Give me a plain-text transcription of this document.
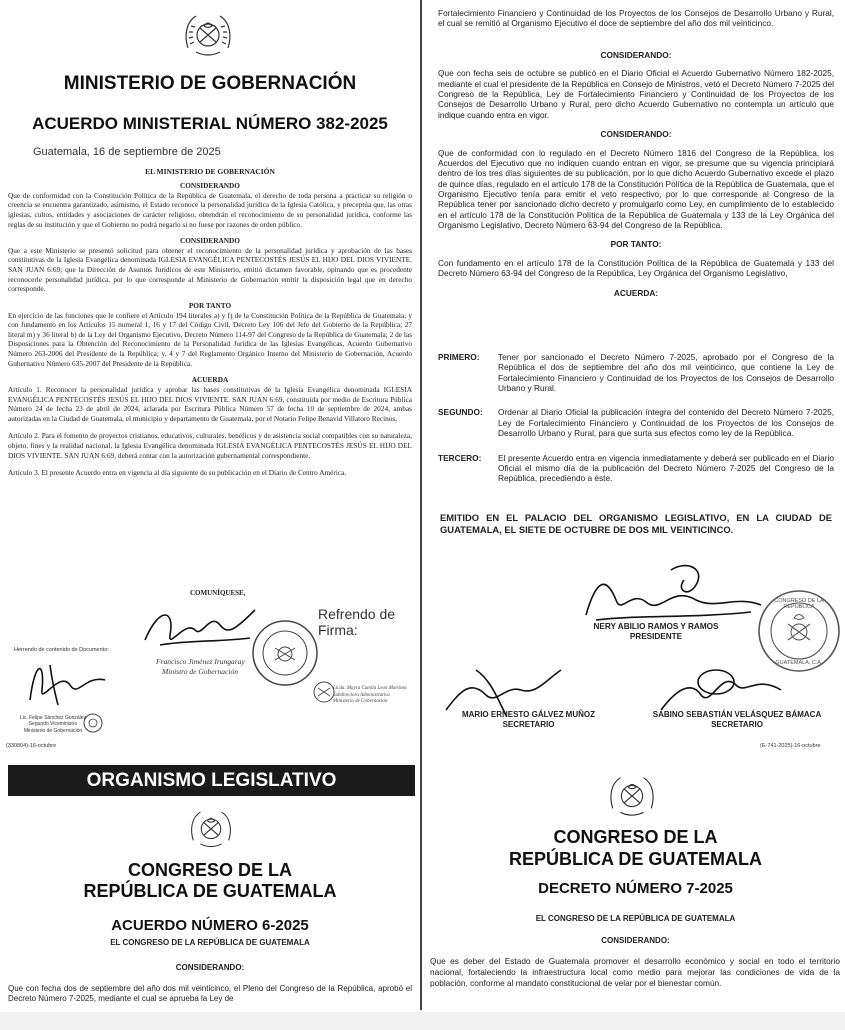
MINISTERIO DE GOBERNACIÓN
ACUERDO MINISTERIAL NÚMERO 382-2025
Guatemala, 16 de septiembre de 2025
EL MINISTERIO DE GOBERNACIÓN

CONSIDERANDO

Que de conformidad con la Constitución Política de la República de Guatemala, el derecho de toda persona a practicar su religión o creencia se encuentra garantizado, asimismo, el Estado reconoce la personalidad jurídica de la Iglesia Católica, y preceptúa que, las otras iglesias, cultos, entidades y asociaciones de carácter religioso, obtendrán el reconocimiento de su personalidad jurídica, conforme las reglas de su institución y que el Gobierno no podrá negarlo si no fuese por razones de orden público.

CONSIDERANDO

Que a este Ministerio se presentó solicitud para obtener el reconocimiento de la personalidad jurídica y aprobación de las bases constitutivas de la Iglesia Evangélica denominada IGLESIA EVANGÉLICA PENTECOSTÉS JESÚS EL HIJO DEL DIOS VIVIENTE. SAN JUAN 6:69; que la Dirección de Asuntos Jurídicos de este Ministerio, emitió dictamen favorable, opinando que es procedente reconocerle personalidad jurídica, por lo que corresponde al Ministerio de Gobernación emitir la disposición legal que en derecho corresponde.

POR TANTO

En ejercicio de las funciones que le confiere el Artículo 194 literales a) y f) de la Constitución Política de la República de Guatemala; y con fundamento en los Artículos 15 numeral 1, 16 y 17 del Código Civil, Decreto Ley 106 del Jefe del Gobierno de la República; 27 literal m) y 36 literal b) de la Ley del Organismo Ejecutivo, Decreto Número 114-97 del Congreso de la República de Guatemala; 2 de las Disposiciones para la Obtención del Reconocimiento de la Personalidad Jurídica de las Iglesias Evangélicas, Acuerdo Gubernativo Número 263-2006 del Presidente de la República; y, 4 y 7 del Reglamento Orgánico Interno del Ministerio de Gobernación, Acuerdo Gubernativo Número 635-2007 del Presidente de la República.

ACUERDA

Artículo 1. Reconocer la personalidad jurídica y aprobar las bases constitutivas de la Iglesia Evangélica denominada IGLESIA EVANGÉLICA PENTECOSTÉS JESÚS EL HIJO DEL DIOS VIVIENTE. SAN JUAN 6:69, constituida por medio de Escritura Pública Número 24 de fecha 23 de abril de 2024, aclarada por Escritura Pública Número 57 de fecha 10 de septiembre de 2024, ambas autorizadas en la Ciudad de Guatemala, el municipio y departamento de Guatemala, por el Notario Felipe Benavid Villatoro Recinos.

Artículo 2. Para el fomento de proyectos cristianos, educativos, culturales, benéficos y de asistencia social compatibles con su naturaleza, objeto, fines y la realidad nacional, la Iglesia Evangélica denominada IGLESIA EVANGÉLICA PENTECOSTÉS JESÚS EL HIJO DEL DIOS VIVIENTE. SAN JUAN 6:69, deberá contar con la autorización gubernamental correspondiente.

Artículo 3. El presente Acuerdo entra en vigencia al día siguiente de su publicación en el Diario de Centro América.

COMUNÍQUESE,
Refrendo de Firma:
Herrendo de contenido de Documento:
Francisco Jiménez Irungaray
Ministro de Gobernación
Licda. Mayra Camila Leon Martinez
Subdirectora Administrativa
Ministerio de Gobernación
Lic. Felipe Sánchez González
Segundo Viceministro
Ministerio de Gobernación
(330804)-16-octubre
ORGANISMO LEGISLATIVO
CONGRESO DE LA
REPÚBLICA DE GUATEMALA
ACUERDO NÚMERO 6-2025
EL CONGRESO DE LA REPÚBLICA DE GUATEMALA
CONSIDERANDO:
Que con fecha dos de septiembre del año dos mil veinticinco, el Pleno del Congreso de la República, aprobó el Decreto Número 7-2025, mediante el cual se aprueba la Ley de
Fortalecimiento Financiero y Continuidad de los Proyectos de los Consejos de Desarrollo Urbano y Rural, el cual se remitió al Organismo Ejecutivo el doce de septiembre del año dos mil veinticinco.

CONSIDERANDO:

Que con fecha seis de octubre se publicó en el Diario Oficial el Acuerdo Gubernativo Número 182-2025, mediante el cual el presidente de la República en Consejo de Ministros, vetó el Decreto Número 7-2025 del Congreso de la República, Ley de Fortalecimiento Financiero y Continuidad de los Proyectos de los Consejos de Desarrollo Urbano y Rural, pero dicho Acuerdo Gubernativo no contempla un artículo que indique cuando entra en vigor.

CONSIDERANDO:

Que de conformidad con lo regulado en el Decreto Número 1816 del Congreso de la República, los Acuerdos del Ejecutivo que no indiquen cuando entran en vigor, se presume que su vigencia principiará dentro de los tres días siguientes de su publicación, por lo que dicho Acuerdo Gubernativo excede el plazo de quince días, regulado en el artículo 178 de la Constitución Política de la República de Guatemala, que el Organismo Ejecutivo tenía para emitir el veto respectivo, por lo que corresponde al Congreso de la República tener por sancionado dicho decreto y promulgarlo como Ley, en cumplimiento de lo establecido en el artículo 178 de la Constitución Política de la República de Guatemala y 133 de la Ley Orgánica del Organismo Legislativo, Decreto Número 63-94 del Congreso de la República.

POR TANTO:

Con fundamento en el artículo 178 de la Constitución Política de la República de Guatemala y 133 del Decreto Número 63-94 del Congreso de la República, Ley Orgánica del Organismo Legislativo,

ACUERDA:

PRIMERO:	Tener por sancionado el Decreto Número 7-2025, aprobado por el Congreso de la República el dos de septiembre del año dos mil veinticinco, que contiene la Ley de Fortalecimiento Financiero y Continuidad de los Proyectos de los Consejos de Desarrollo Urbano y Rural.
SEGUNDO:	Ordenar al Diario Oficial la publicación íntegra del contenido del Decreto Número 7-2025, Ley de Fortalecimiento Financiero y Continuidad de los Proyectos de los Consejos de Desarrollo Urbano y Rural, para que surta sus efectos como ley de la República.
TERCERO:	El presente Acuerdo entra en vigencia inmediatamente y deberá ser publicado en el Diario Oficial el mismo día de la publicación del Decreto Número 7-2025 del Congreso de la República, precediendo a éste.
EMITIDO EN EL PALACIO DEL ORGANISMO LEGISLATIVO, EN LA CIUDAD DE GUATEMALA, EL SIETE DE OCTUBRE DE DOS MIL VEINTICINCO.
NERY ABILIO RAMOS Y RAMOS
PRESIDENTE
CONGRESO DE LA REPÚBLICA
GUATEMALA, C.A.
MARIO ERNESTO GÁLVEZ MUÑOZ
SECRETARIO
SABINO SEBASTIÁN VELÁSQUEZ BÁMACA
SECRETARIO
(E-741-2025)-16-octubre
CONGRESO DE LA
REPÚBLICA DE GUATEMALA
DECRETO NÚMERO 7-2025
EL CONGRESO DE LA REPÚBLICA DE GUATEMALA
CONSIDERANDO:
Que es deber del Estado de Guatemala promover el desarrollo económico y social en todo el territorio nacional, fortaleciendo la infraestructura local como medio para mejorar las condiciones de vida de la población, conforme al mandato constitucional de velar por el bienestar común.
